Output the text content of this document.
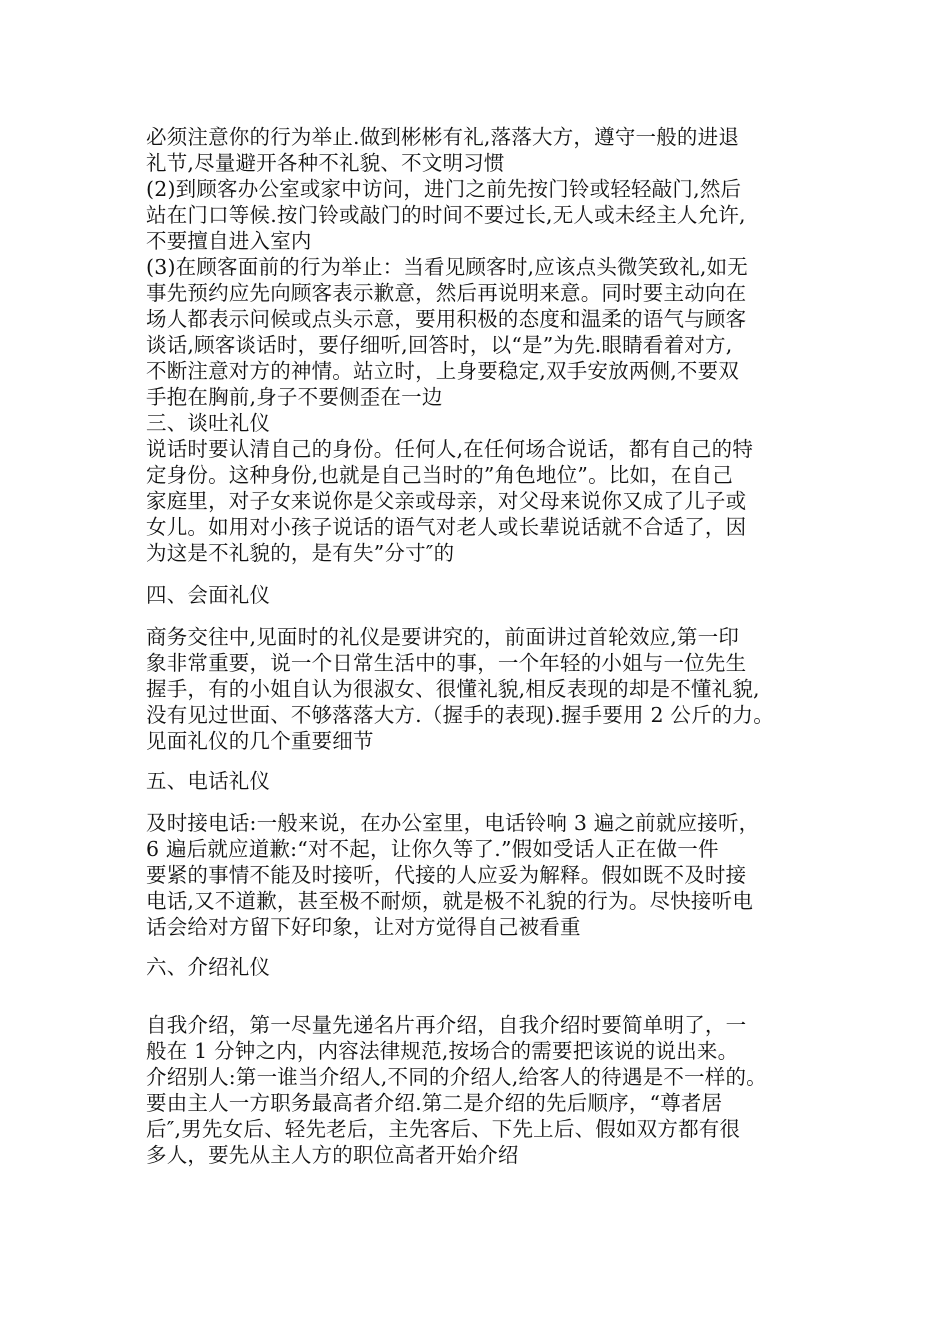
必须注意你的行为举止.做到彬彬有礼,落落大方，遵守一般的进退
礼节,尽量避开各种不礼貌、不文明习惯
(2)到顾客办公室或家中访问，进门之前先按门铃或轻轻敲门,然后
站在门口等候.按门铃或敲门的时间不要过长,无人或未经主人允许,
不要擅自进入室内
(3)在顾客面前的行为举止：当看见顾客时,应该点头微笑致礼,如无
事先预约应先向顾客表示歉意，然后再说明来意。同时要主动向在
场人都表示问候或点头示意，要用积极的态度和温柔的语气与顾客
谈话,顾客谈话时，要仔细听,回答时，以“是”为先.眼睛看着对方,
不断注意对方的神情。站立时，上身要稳定,双手安放两侧,不要双
手抱在胸前,身子不要侧歪在一边
三、谈吐礼仪
说话时要认清自己的身份。任何人,在任何场合说话，都有自己的特
定身份。这种身份,也就是自己当时的”角色地位”。比如，在自己
家庭里，对子女来说你是父亲或母亲，对父母来说你又成了儿子或
女儿。如用对小孩子说话的语气对老人或长辈说话就不合适了，因
为这是不礼貌的，是有失”分寸″的
四、会面礼仪
商务交往中,见面时的礼仪是要讲究的，前面讲过首轮效应,第一印
象非常重要，说一个日常生活中的事，一个年轻的小姐与一位先生
握手，有的小姐自认为很淑女、很懂礼貌,相反表现的却是不懂礼貌,
没有见过世面、不够落落大方.（握手的表现).握手要用 2 公斤的力。
见面礼仪的几个重要细节
五、电话礼仪
及时接电话:一般来说，在办公室里，电话铃响 3 遍之前就应接听，
6 遍后就应道歉:“对不起，让你久等了.”假如受话人正在做一件
要紧的事情不能及时接听，代接的人应妥为解释。假如既不及时接
电话,又不道歉，甚至极不耐烦，就是极不礼貌的行为。尽快接听电
话会给对方留下好印象，让对方觉得自己被看重
六、介绍礼仪
自我介绍，第一尽量先递名片再介绍，自我介绍时要简单明了，一
般在 1 分钟之内，内容法律规范,按场合的需要把该说的说出来。
介绍别人:第一谁当介绍人,不同的介绍人,给客人的待遇是不一样的。
要由主人一方职务最高者介绍.第二是介绍的先后顺序，“尊者居
后″,男先女后、轻先老后，主先客后、下先上后、假如双方都有很
多人，要先从主人方的职位高者开始介绍
